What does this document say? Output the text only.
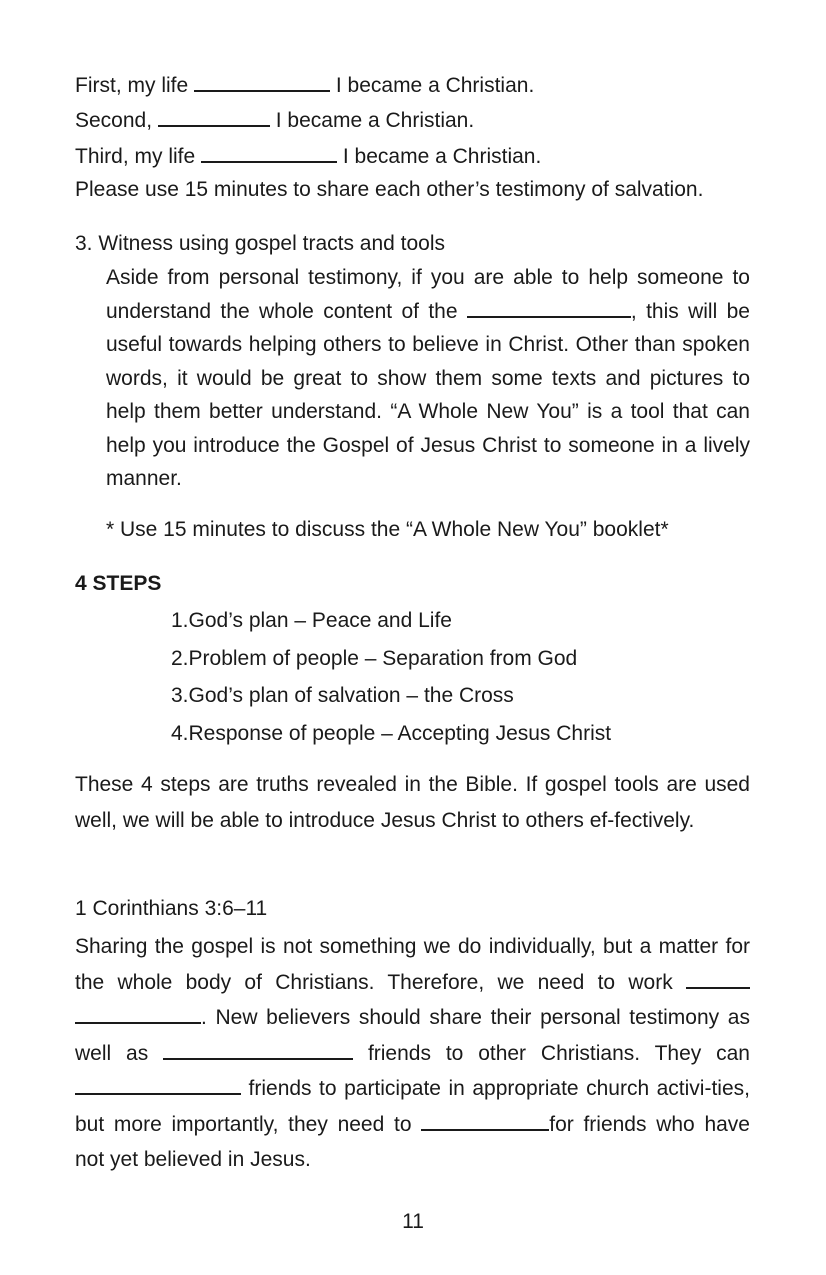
First, my life	I became a Christian.
Second,	I became a Christian.
Third, my life	I became a Christian.
Please use 15 minutes to share each other’s testimony of salvation.
3. Witness using gospel tracts and tools
Aside from personal testimony, if you are able to help someone to understand the whole content of the	, this will be useful towards helping others to believe in Christ. Other than spoken words, it would be great to show them some texts and pictures to help them better understand. “A Whole New You” is a tool that can help you introduce the Gospel of Jesus Christ to someone in a lively manner.
* Use 15 minutes to discuss the “A Whole New You” booklet*
4 STEPS
1.God’s plan – Peace and Life
2.Problem of people – Separation from God
3.God’s plan of salvation – the Cross
4.Response of people – Accepting Jesus Christ
These 4 steps are truths revealed in the Bible. If gospel tools are used well, we will be able to introduce Jesus Christ to others ef-fectively.
1 Corinthians 3:6–11
Sharing the gospel is not something we do individually, but a matter for the whole body of Christians. Therefore, we need to work  . New believers should share their personal testimony as well as	friends to other Christians. They can  friends to participate in appropriate church activi-ties, but more importantly, they need to	for friends who have not yet believed in Jesus.
11
